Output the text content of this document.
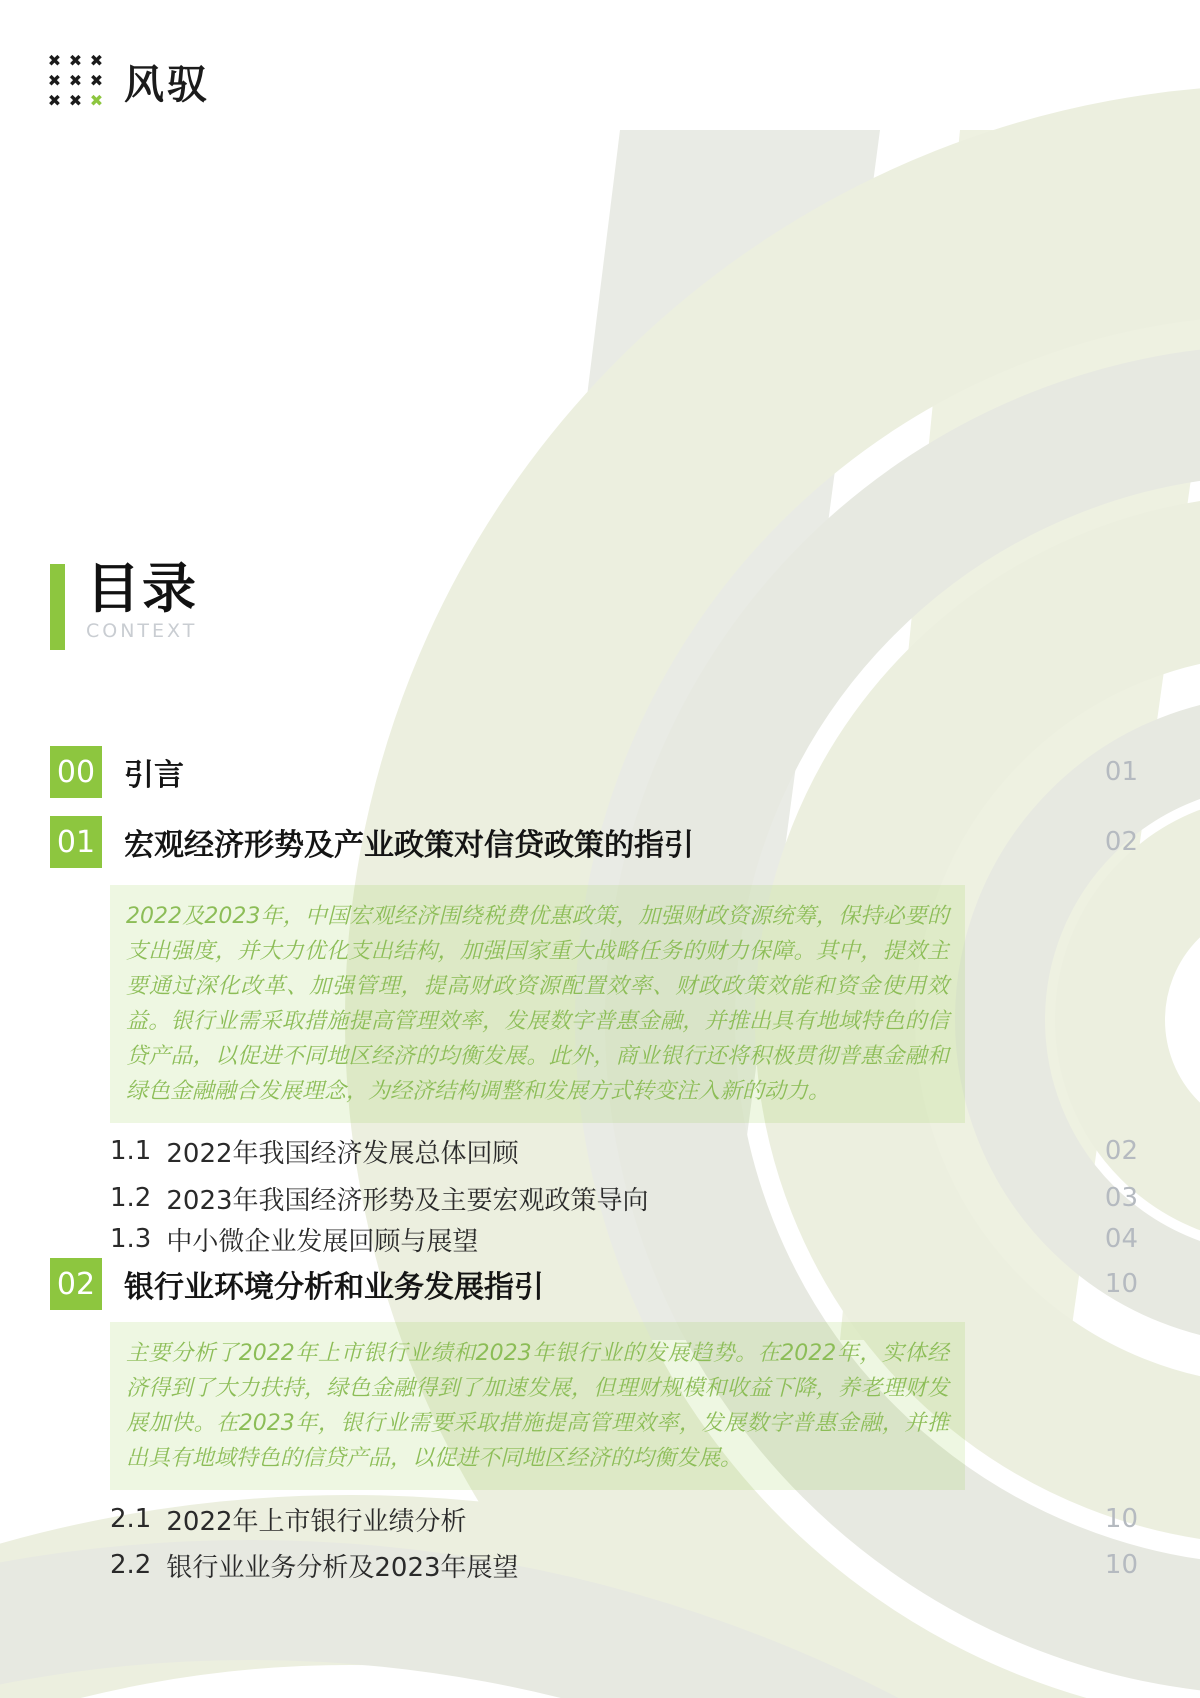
✖ ✖ ✖
✖ ✖ ✖
✖ ✖ ✖ 风驭
目录
CONTEXT
00 引言	01
01 宏观经济形势及产业政策对信贷政策的指引	02
2022及2023年，中国宏观经济围绕税费优惠政策，加强财政资源统筹，保持必要的支出强度，并大力优化支出结构，加强国家重大战略任务的财力保障。其中，提效主要通过深化改革、加强管理，提高财政资源配置效率、财政政策效能和资金使用效益。银行业需采取措施提高管理效率，发展数字普惠金融，并推出具有地域特色的信贷产品，以促进不同地区经济的均衡发展。此外，商业银行还将积极贯彻普惠金融和绿色金融融合发展理念，为经济结构调整和发展方式转变注入新的动力。
1.1 2022年我国经济发展总体回顾	02
1.2 2023年我国经济形势及主要宏观政策导向	03
1.3 中小微企业发展回顾与展望	04
02 银行业环境分析和业务发展指引	10
主要分析了2022年上市银行业绩和2023年银行业的发展趋势。在2022年，实体经济得到了大力扶持，绿色金融得到了加速发展，但理财规模和收益下降，养老理财发展加快。在2023年，银行业需要采取措施提高管理效率，发展数字普惠金融，并推出具有地域特色的信贷产品，以促进不同地区经济的均衡发展。
2.1 2022年上市银行业绩分析	10
2.2 银行业业务分析及2023年展望	10
